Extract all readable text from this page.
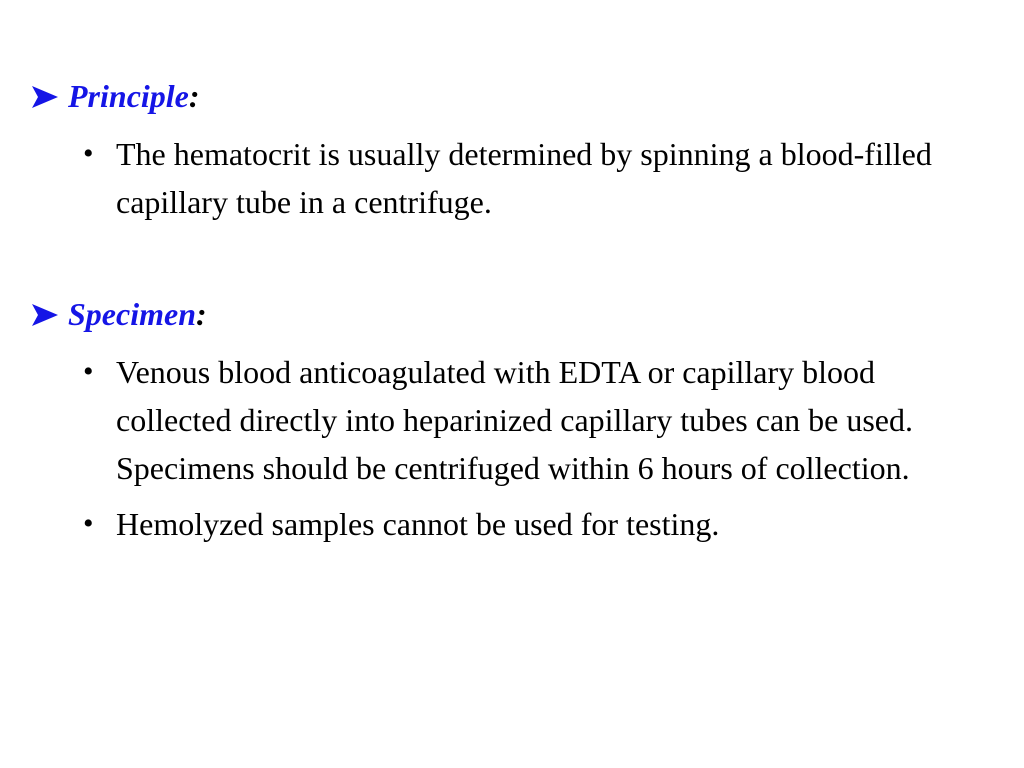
Principle:
• The hematocrit is usually determined by spinning a blood-filled capillary tube in a centrifuge.
Specimen:
• Venous blood anticoagulated with EDTA or capillary blood collected directly into heparinized capillary tubes can be used. Specimens should be centrifuged within 6 hours of collection.
• Hemolyzed samples cannot be used for testing.
